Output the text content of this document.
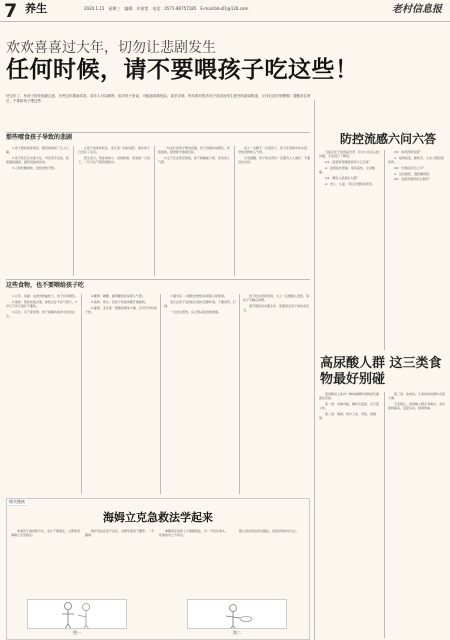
7 养生	2020.1.15　星期三　编辑：许家常　电话：0571-86757185　E-mail:bhu01@126.com	老村信息报
欢欢喜喜过大年，切勿让悲剧发生
任何时候，请不要喂孩子吃这些！
快过年了，有孩子的家庭最注意，有些过年期间零食，成年人可以解馋，但对孩子来说，可能意味着危险，甚至夺命。每年都有很多孩子误食而发生意外的新闻报道，父母们应时刻警惕！提醒各位家长，不要给孩子喂这些：
那些噎食孩子导致的悲剧

1.孩子吸吮果冻窒息，整段视频看了让人心痛。

2.孩子吃花生米被卡住，母亲用手去抠，结果越抠越深，最终没能救回来。

3.小孩吃糖被呛，送医抢救无效。

2.孩子被果冻呛住，家长第一时间送医，途中孩子已没有了意识。

医生表示，果冻体积小、质地软滑，容易被一口吞下，一旦卡住气管很难取出。

一位家长给孩子喂食汤圆，孩子吞咽时被噎住，呼吸困难，经抢救才脱离危险。

3.瓜子花生等坚果类，孩子咀嚼能力弱，容易误入气管。

家人一边聊天一边逗孩子，孩子在哭闹中吃东西，导致食物呛入气管。

专家提醒，孩子吃东西时一定要有大人看护，不要边吃边玩。

这些食物，也不要喂给孩子吃

1.元宵、汤圆：这类食物黏性大，孩子容易噎住。

2.果冻：果冻质地光滑，体积正好卡在气管口，3岁以下孩子最好不要吃。

3.花生、瓜子等坚果：孩子咀嚼功能尚未发育完全。

4.糖果：硬糖、圆形糖果容易滑入气管。

5.鱼刺、骨头：给孩子吃鱼肉要仔细挑刺。

6.葡萄、圣女果：整颗吞咽易卡喉，应切开再给孩子吃。

7.爆米花：小颗粒食物容易被吸入呼吸道。

家长在孩子进食时应保持安静环境，不要逗笑、打闹。

一旦发生噎食，应立即采取急救措施。

孩子吃东西时哭闹，大人一定要耐心安抚，等孩子平静后再喂。

春节期间亲友聚会多，更要留意孩子的饮食安全。

防控流感六问六答

当前正处于流感高发季，针对公众关心的问题，专家进行了解答。

Q1：流感和普通感冒有什么区别？

A：流感症状更重，常有高热、全身酸痛。

Q2：哪些人是高危人群？

A：老人、儿童、孕妇及慢性病患者。

Q3：如何预防流感？

A：接种疫苗，勤洗手，少去人群密集场所。

Q4：出现症状怎么办？

A：及时就医，遵医嘱用药。

Q5：流感需要用抗生素吗？

高尿酸人群 这三类食物最好别碰

高尿酸是人体内一种叫做嘌呤的物质代谢紊乱所致。

第一类：动物内脏。嘌呤含量高，应尽量少吃。

第二类：海鲜。如沙丁鱼、带鱼、蛤蜊等。

第三类：浓肉汤。久煮的肉汤嘌呤含量大增。

专家建议，高尿酸人群应多喝水，多吃新鲜蔬菜，适量运动，控制体重。

相关链接
海姆立克急救法学起来

如果孩子被食物卡住，家长不要慌张，立即使用海姆立克急救法。

救护者站在孩子身后，双臂环抱孩子腰部，一手握拳。

拳眼顶住肚脐上方两横指处，另一手包住拳头，快速向内上方冲击。

婴儿则采用拍背压胸法，直到异物排出为止。

图一	图二
